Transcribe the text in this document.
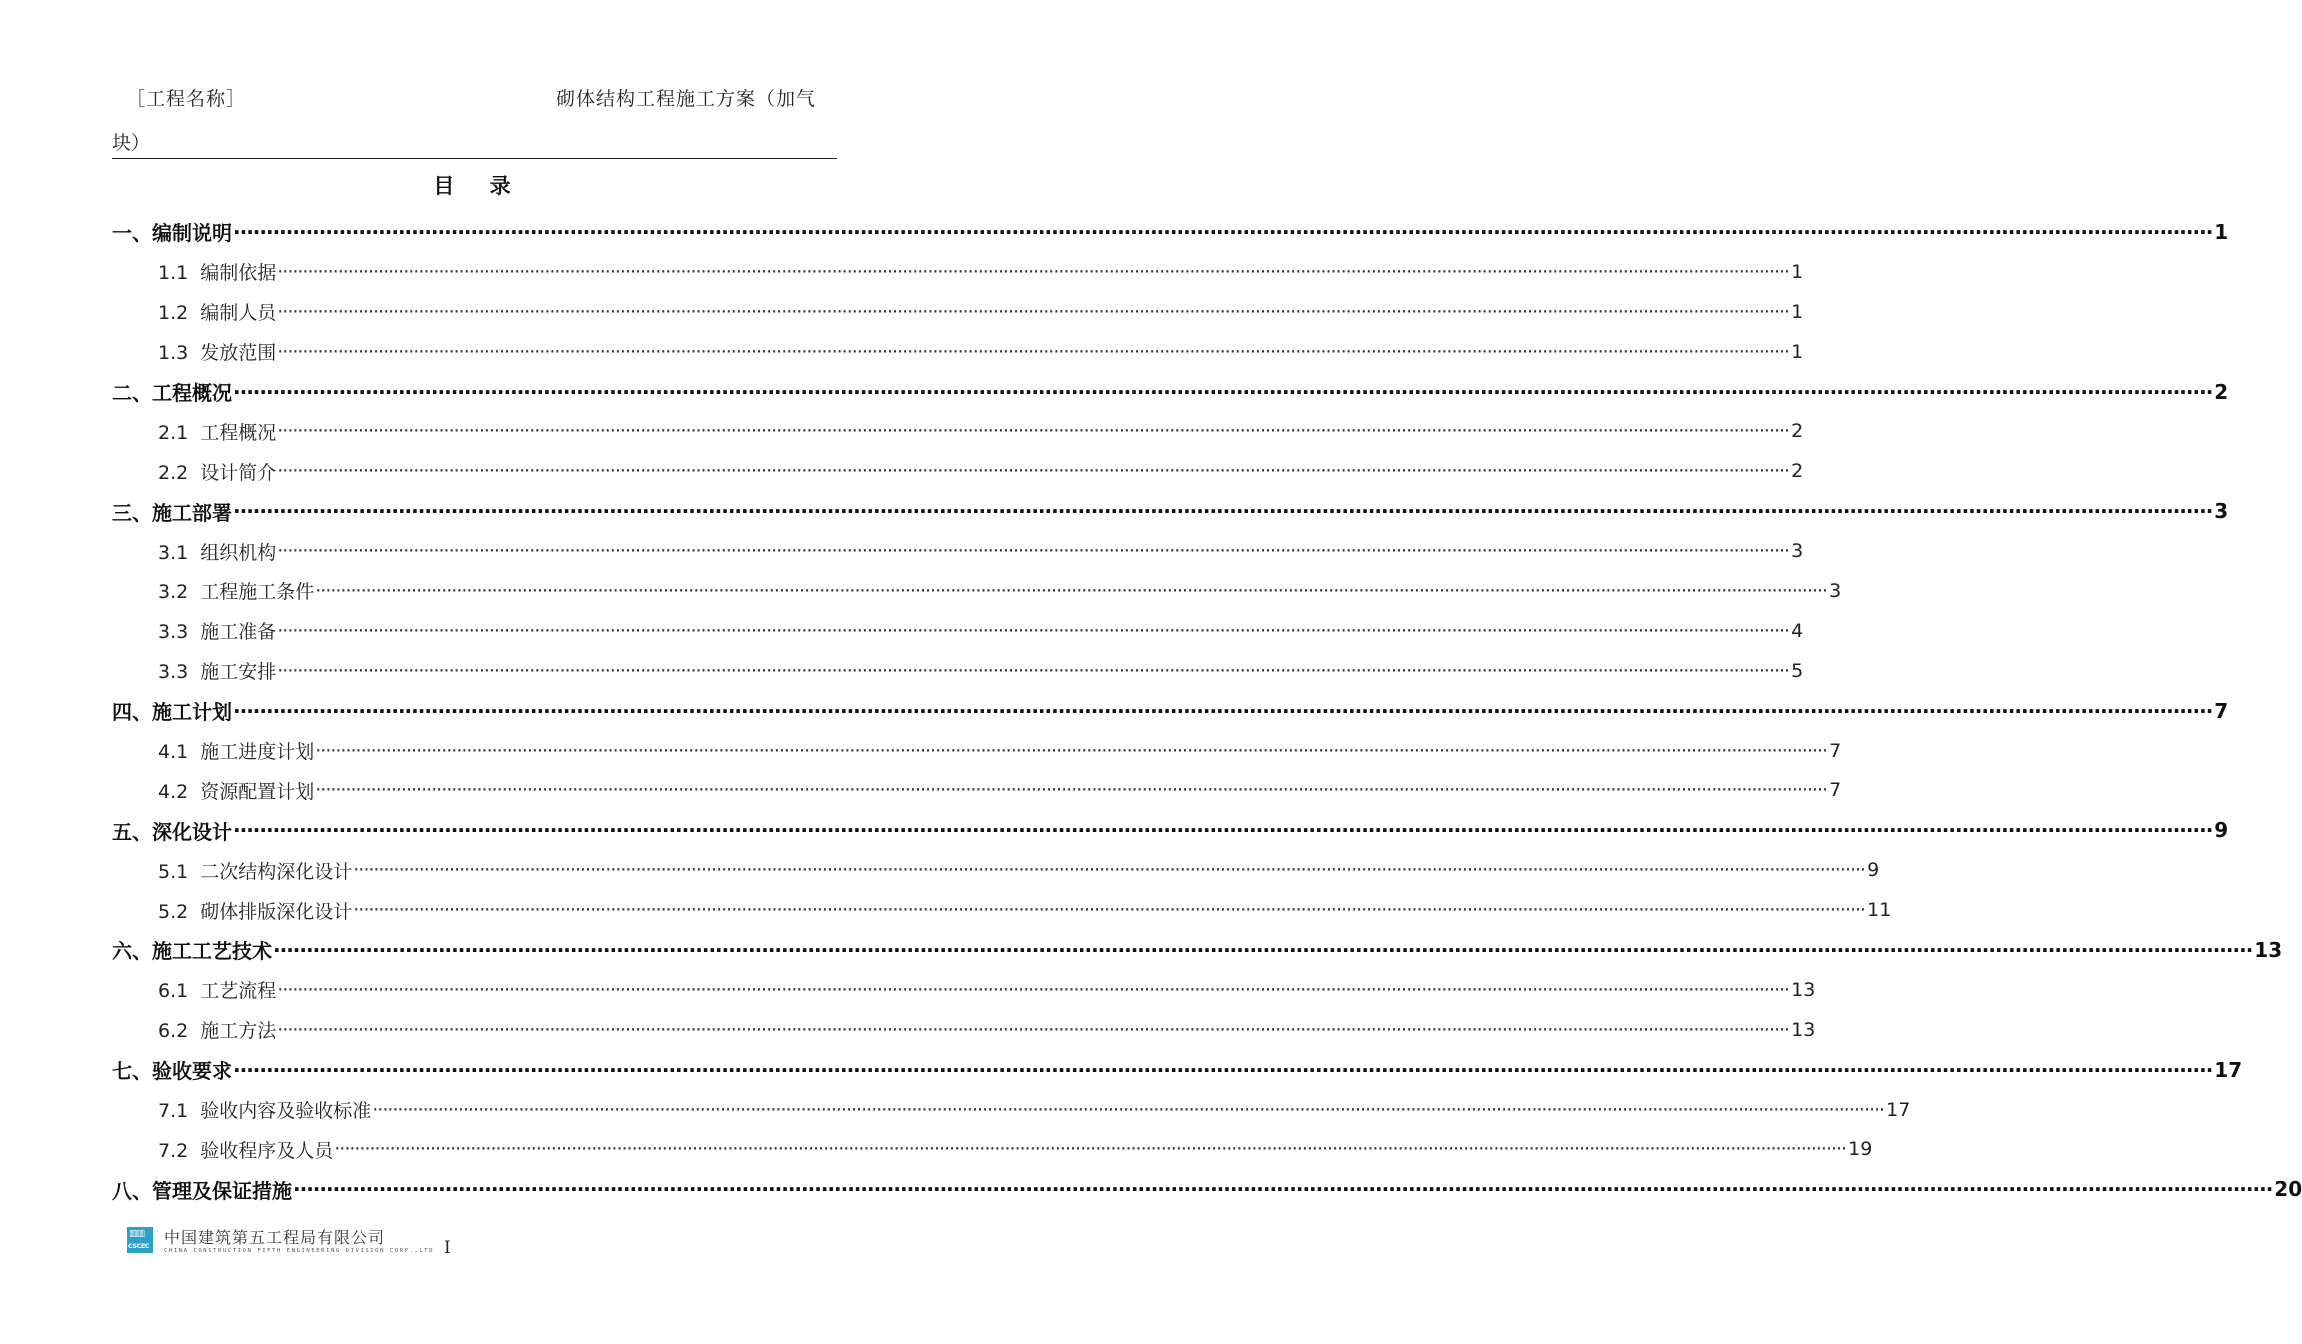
［工程名称］	砌体结构工程施工方案（加气
块）
目 录
一、编制说明 ············································································································································································································································································································ 1
1.1 编制依据 ············································································································································································································································································································ 1
1.2 编制人员 ············································································································································································································································································································ 1
1.3 发放范围 ············································································································································································································································································································ 1
二、工程概况 ············································································································································································································································································································ 2
2.1 工程概况 ············································································································································································································································································································ 2
2.2 设计简介 ············································································································································································································································································································ 2
三、施工部署 ············································································································································································································································································································ 3
3.1 组织机构 ············································································································································································································································································································ 3
3.2 工程施工条件 ············································································································································································································································································································ 3
3.3 施工准备 ············································································································································································································································································································ 4
3.3 施工安排 ············································································································································································································································································································ 5
四、施工计划 ············································································································································································································································································································ 7
4.1 施工进度计划 ············································································································································································································································································································ 7
4.2 资源配置计划 ············································································································································································································································································································ 7
五、深化设计 ············································································································································································································································································································ 9
5.1 二次结构深化设计 ············································································································································································································································································································ 9
5.2 砌体排版深化设计 ············································································································································································································································································································ 11
六、施工工艺技术 ············································································································································································································································································································ 13
6.1 工艺流程 ············································································································································································································································································································ 13
6.2 施工方法 ············································································································································································································································································································ 13
七、验收要求 ············································································································································································································································································································ 17
7.1 验收内容及验收标准 ············································································································································································································································································································ 17
7.2 验收程序及人员 ············································································································································································································································································································ 19
八、管理及保证措施 ············································································································································································································································································································ 20
▥▥
CSCEC 中国建筑第五工程局有限公司
CHINA CONSTRUCTION FIFTH ENGINEERING DIVISION CORP.,LTD I
